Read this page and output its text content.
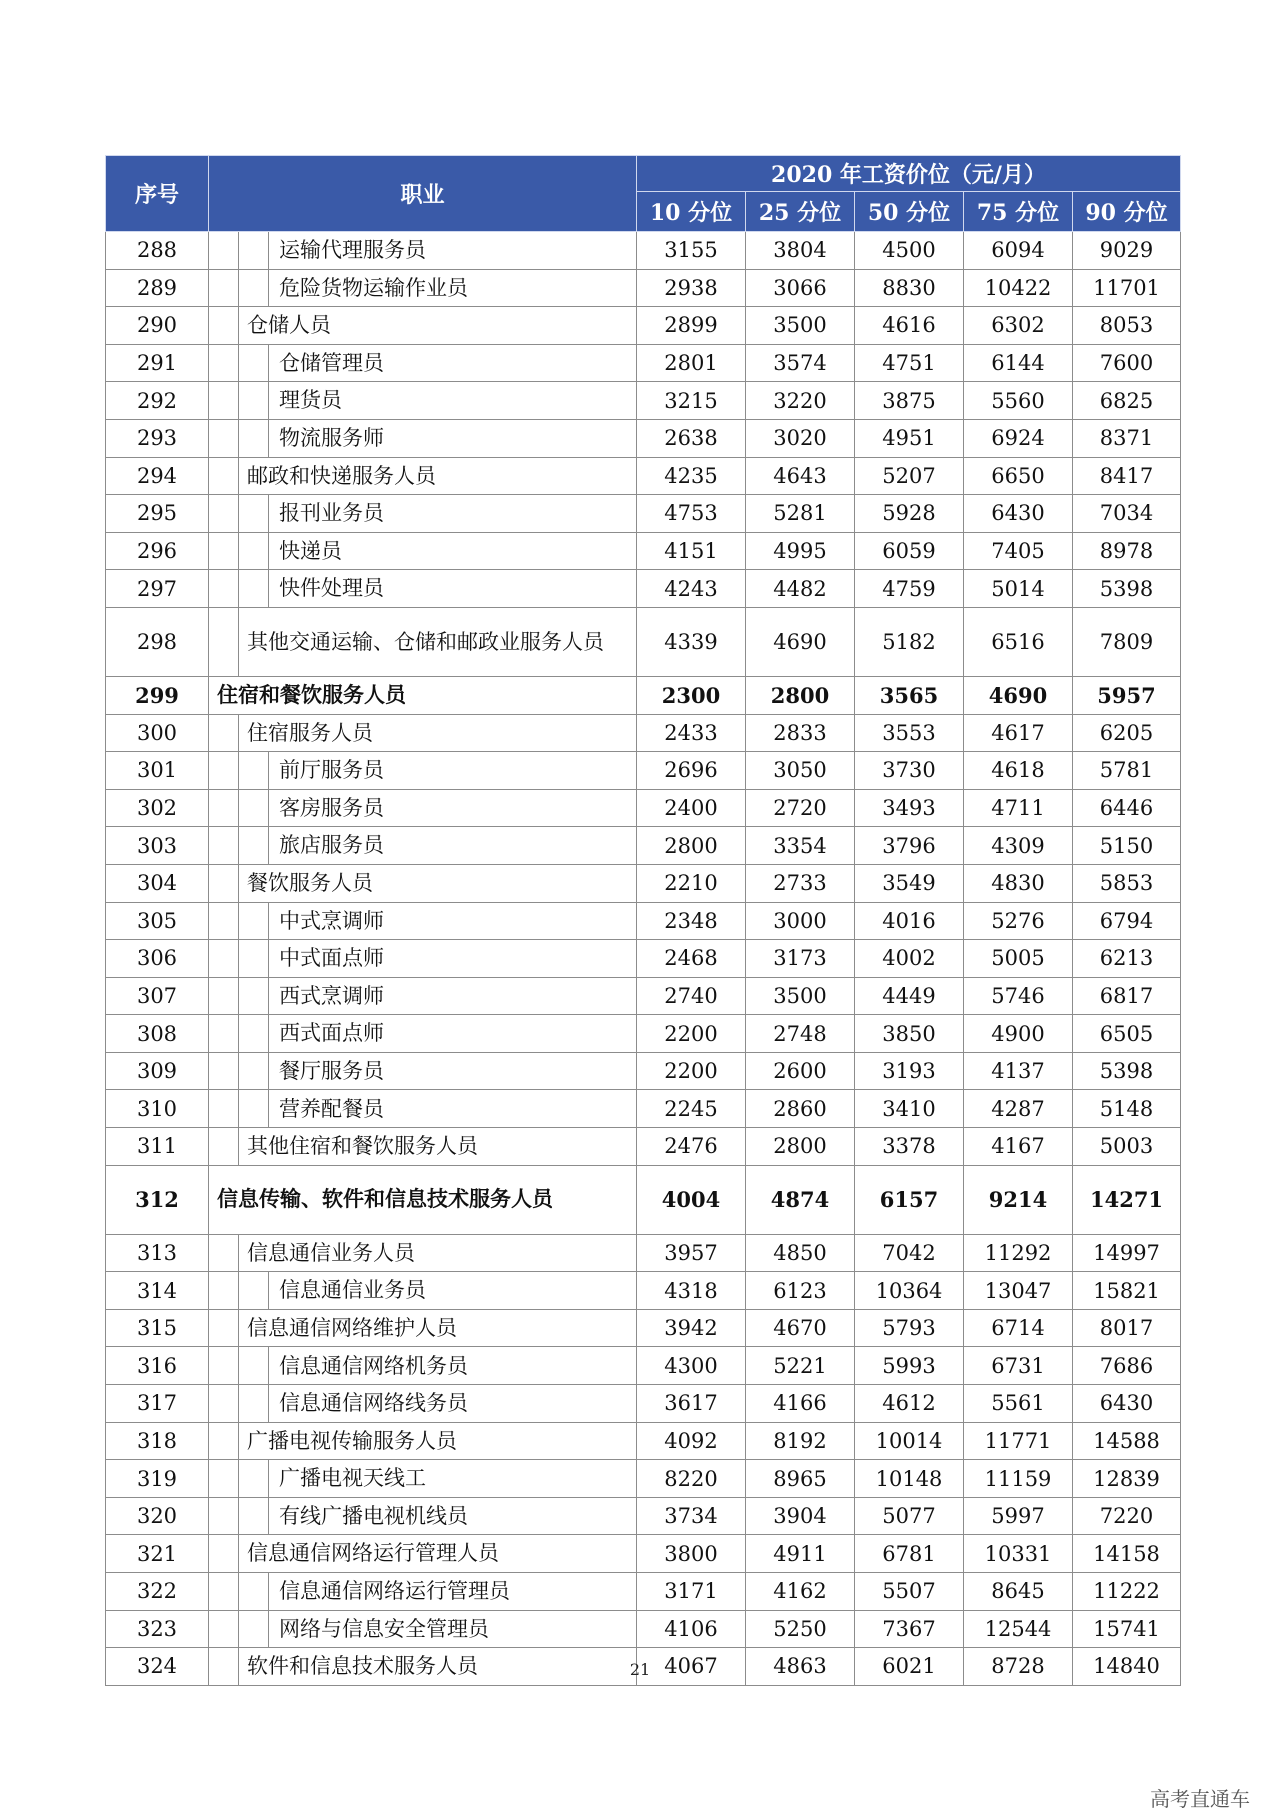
序号	职业			2020 年工资价位（元/月）				
				10 分位	25 分位	50 分位	75 分位	90 分位
288			运输代理服务员	3155	3804	4500	6094	9029
289			危险货物运输作业员	2938	3066	8830	10422	11701
290		仓储人员		2899	3500	4616	6302	8053
291			仓储管理员	2801	3574	4751	6144	7600
292			理货员	3215	3220	3875	5560	6825
293			物流服务师	2638	3020	4951	6924	8371
294		邮政和快递服务人员		4235	4643	5207	6650	8417
295			报刊业务员	4753	5281	5928	6430	7034
296			快递员	4151	4995	6059	7405	8978
297			快件处理员	4243	4482	4759	5014	5398
298		其他交通运输、仓储和邮政业服务人员		4339	4690	5182	6516	7809
299	住宿和餐饮服务人员			2300	2800	3565	4690	5957
300		住宿服务人员		2433	2833	3553	4617	6205
301			前厅服务员	2696	3050	3730	4618	5781
302			客房服务员	2400	2720	3493	4711	6446
303			旅店服务员	2800	3354	3796	4309	5150
304		餐饮服务人员		2210	2733	3549	4830	5853
305			中式烹调师	2348	3000	4016	5276	6794
306			中式面点师	2468	3173	4002	5005	6213
307			西式烹调师	2740	3500	4449	5746	6817
308			西式面点师	2200	2748	3850	4900	6505
309			餐厅服务员	2200	2600	3193	4137	5398
310			营养配餐员	2245	2860	3410	4287	5148
311		其他住宿和餐饮服务人员		2476	2800	3378	4167	5003
312	信息传输、软件和信息技术服务人员			4004	4874	6157	9214	14271
313		信息通信业务人员		3957	4850	7042	11292	14997
314			信息通信业务员	4318	6123	10364	13047	15821
315		信息通信网络维护人员		3942	4670	5793	6714	8017
316			信息通信网络机务员	4300	5221	5993	6731	7686
317			信息通信网络线务员	3617	4166	4612	5561	6430
318		广播电视传输服务人员		4092	8192	10014	11771	14588
319			广播电视天线工	8220	8965	10148	11159	12839
320			有线广播电视机线员	3734	3904	5077	5997	7220
321		信息通信网络运行管理人员		3800	4911	6781	10331	14158
322			信息通信网络运行管理员	3171	4162	5507	8645	11222
323			网络与信息安全管理员	4106	5250	7367	12544	15741
324		软件和信息技术服务人员		4067	4863	6021	8728	14840
21
高考直通车
